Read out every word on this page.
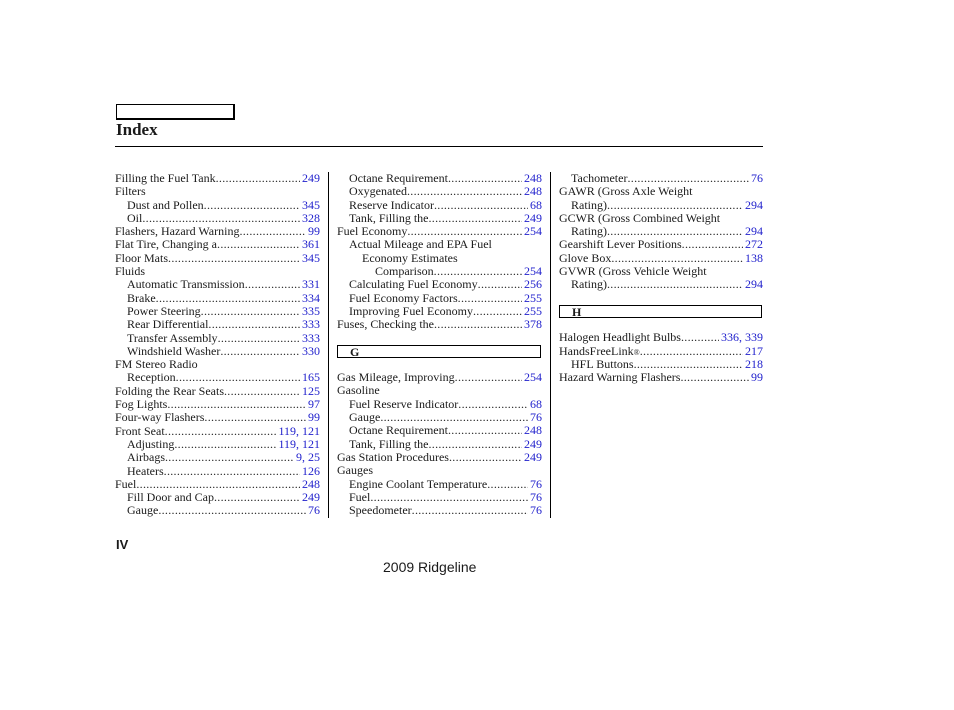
Index
Filling the Fuel Tank .....	249
Filters
Dust and Pollen .....	345
Oil .....	328
Flashers, Hazard Warning .....	99
Flat Tire, Changing a .....	361
Floor Mats .....	345
Fluids
Automatic Transmission .....	331
Brake .....	334
Power Steering .....	335
Rear Differential .....	333
Transfer Assembly .....	333
Windshield Washer .....	330
FM Stereo Radio
Reception .....	165
Folding the Rear Seats .....	125
Fog Lights .....	97
Four-way Flashers .....	99
Front Seat .....	119, 121
Adjusting .....	119, 121
Airbags .....	9, 25
Heaters .....	126
Fuel .....	248
Fill Door and Cap .....	249
Gauge .....	76
Octane Requirement .....	248
Oxygenated .....	248
Reserve Indicator .....	68
Tank, Filling the .....	249
Fuel Economy .....	254
Actual Mileage and EPA Fuel
Economy Estimates
Comparison .....	254
Calculating Fuel Economy .....	256
Fuel Economy Factors .....	255
Improving Fuel Economy .....	255
Fuses, Checking the .....	378
G
Gas Mileage, Improving .....	254
Gasoline
Fuel Reserve Indicator .....	68
Gauge .....	76
Octane Requirement .....	248
Tank, Filling the .....	249
Gas Station Procedures .....	249
Gauges
Engine Coolant Temperature .....	76
Fuel .....	76
Speedometer .....	76
Tachometer .....	76
GAWR (Gross Axle Weight
Rating) .....	294
GCWR (Gross Combined Weight
Rating) .....	294
Gearshift Lever Positions .....	272
Glove Box .....	138
GVWR (Gross Vehicle Weight
Rating) .....	294
H
Halogen Headlight Bulbs .....	336, 339
HandsFreeLink ® .....	217
HFL Buttons .....	218
Hazard Warning Flashers .....	99
IV
2009 Ridgeline
